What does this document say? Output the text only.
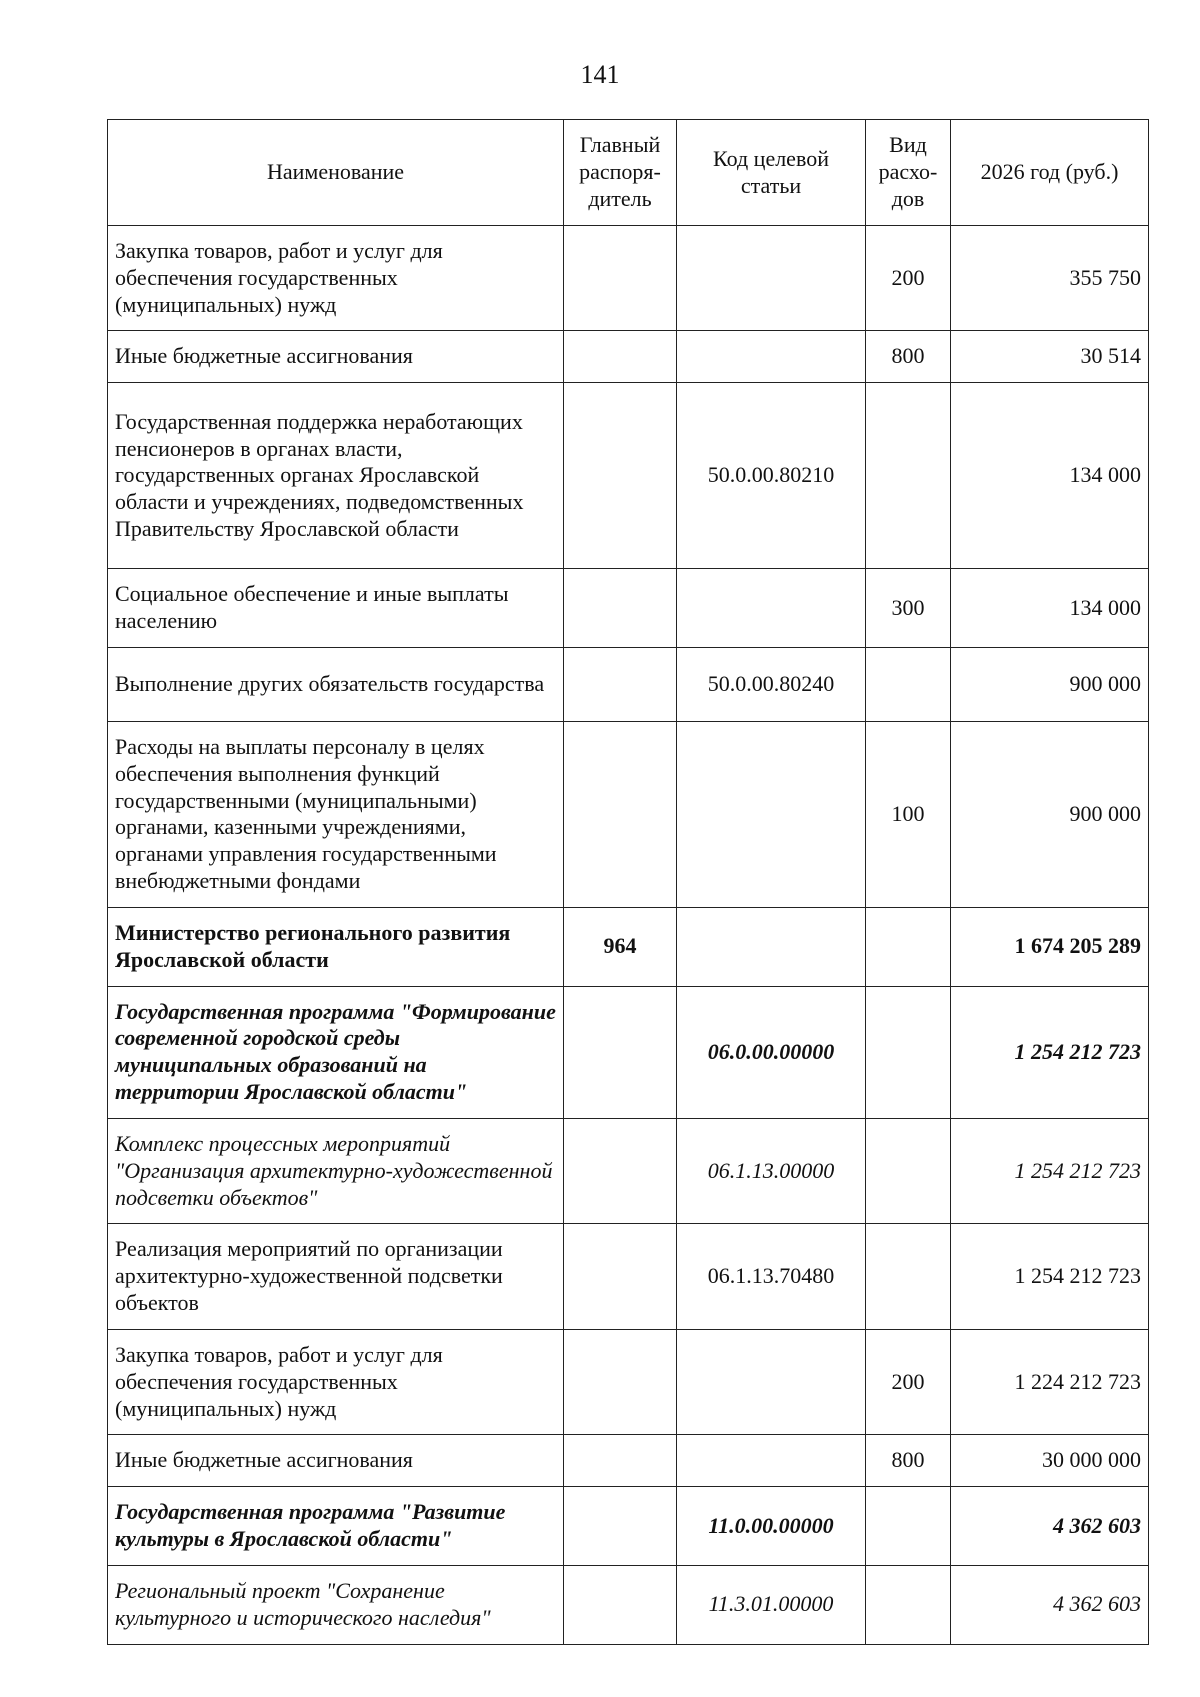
141
Наименование	Главный распоря-дитель	Код целевой статьи	Вид расхо-дов	2026 год (руб.)
Закупка товаров, работ и услуг для обеспечения государственных (муниципальных) нужд			200	355 750
Иные бюджетные ассигнования			800	30 514
Государственная поддержка неработающих пенсионеров в органах власти, государственных органах Ярославской области и учреждениях, подведомственных Правительству Ярославской области		50.0.00.80210		134 000
Социальное обеспечение и иные выплаты населению			300	134 000
Выполнение других обязательств государства		50.0.00.80240		900 000
Расходы на выплаты персоналу в целях обеспечения выполнения функций государственными (муниципальными) органами, казенными учреждениями, органами управления государственными внебюджетными фондами			100	900 000
Министерство регионального развития Ярославской области	964			1 674 205 289
Государственная программа "Формирование современной городской среды муниципальных образований на территории Ярославской области"		06.0.00.00000		1 254 212 723
Комплекс процессных мероприятий "Организация архитектурно-художественной подсветки объектов"		06.1.13.00000		1 254 212 723
Реализация мероприятий по организации архитектурно-художественной подсветки объектов		06.1.13.70480		1 254 212 723
Закупка товаров, работ и услуг для обеспечения государственных (муниципальных) нужд			200	1 224 212 723
Иные бюджетные ассигнования			800	30 000 000
Государственная программа "Развитие культуры в Ярославской области"		11.0.00.00000		4 362 603
Региональный проект "Сохранение культурного и исторического наследия"		11.3.01.00000		4 362 603
